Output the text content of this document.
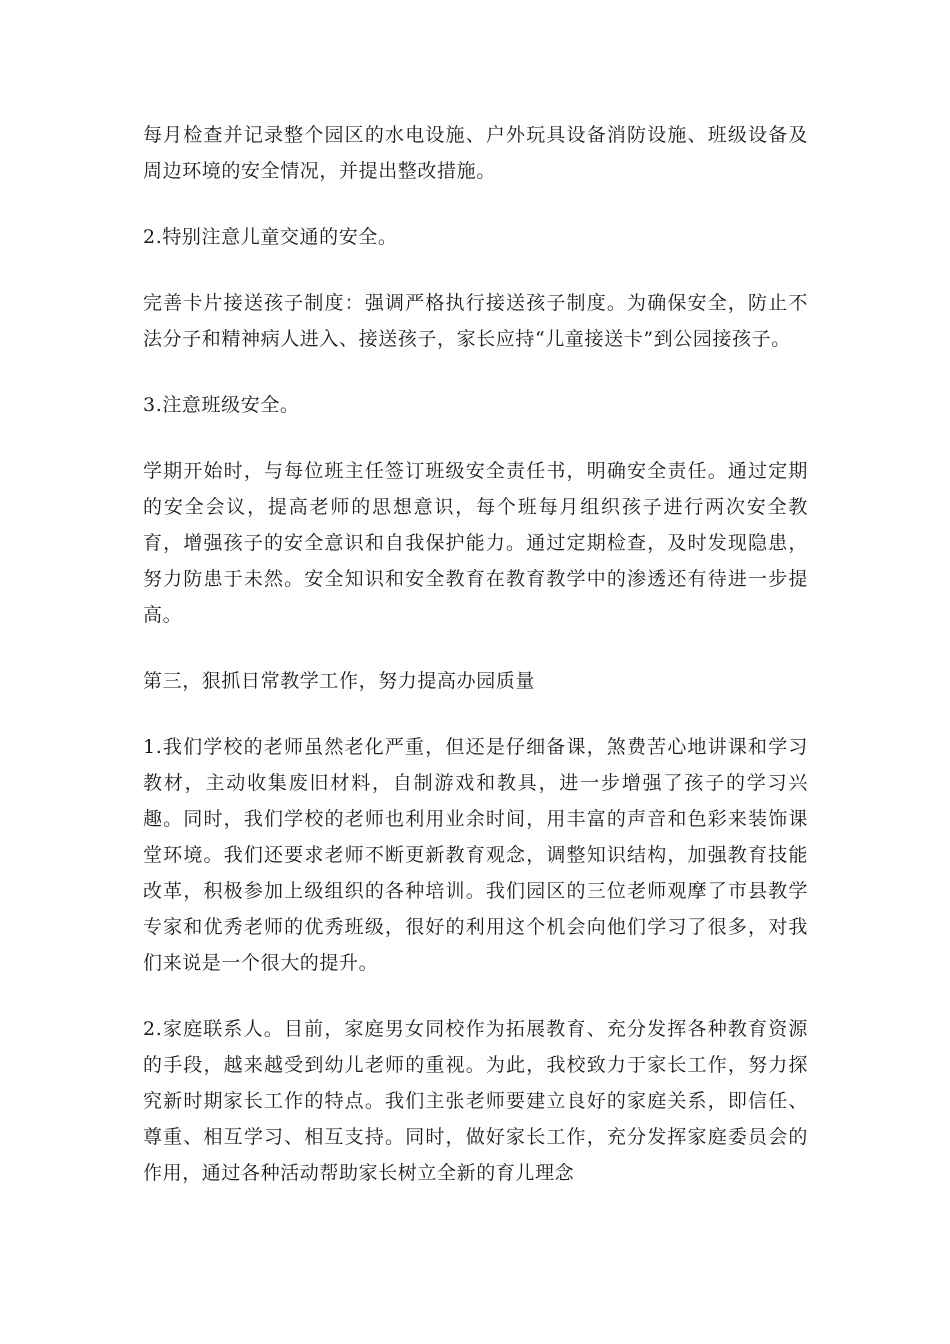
每月检查并记录整个园区的水电设施、户外玩具设备消防设施、班级设备及周边环境的安全情况，并提出整改措施。

2.特别注意儿童交通的安全。

完善卡片接送孩子制度：强调严格执行接送孩子制度。为确保安全，防止不法分子和精神病人进入、接送孩子，家长应持“儿童接送卡”到公园接孩子。

3.注意班级安全。

学期开始时，与每位班主任签订班级安全责任书，明确安全责任。通过定期的安全会议，提高老师的思想意识，每个班每月组织孩子进行两次安全教育，增强孩子的安全意识和自我保护能力。通过定期检查，及时发现隐患，努力防患于未然。安全知识和安全教育在教育教学中的渗透还有待进一步提高。

第三，狠抓日常教学工作，努力提高办园质量

1.我们学校的老师虽然老化严重，但还是仔细备课，煞费苦心地讲课和学习教材，主动收集废旧材料，自制游戏和教具，进一步增强了孩子的学习兴趣。同时，我们学校的老师也利用业余时间，用丰富的声音和色彩来装饰课堂环境。我们还要求老师不断更新教育观念，调整知识结构，加强教育技能改革，积极参加上级组织的各种培训。我们园区的三位老师观摩了市县教学专家和优秀老师的优秀班级，很好的利用这个机会向他们学习了很多，对我们来说是一个很大的提升。

2.家庭联系人。目前，家庭男女同校作为拓展教育、充分发挥各种教育资源的手段，越来越受到幼儿老师的重视。为此，我校致力于家长工作，努力探究新时期家长工作的特点。我们主张老师要建立良好的家庭关系，即信任、尊重、相互学习、相互支持。同时，做好家长工作，充分发挥家庭委员会的作用，通过各种活动帮助家长树立全新的育儿理念
